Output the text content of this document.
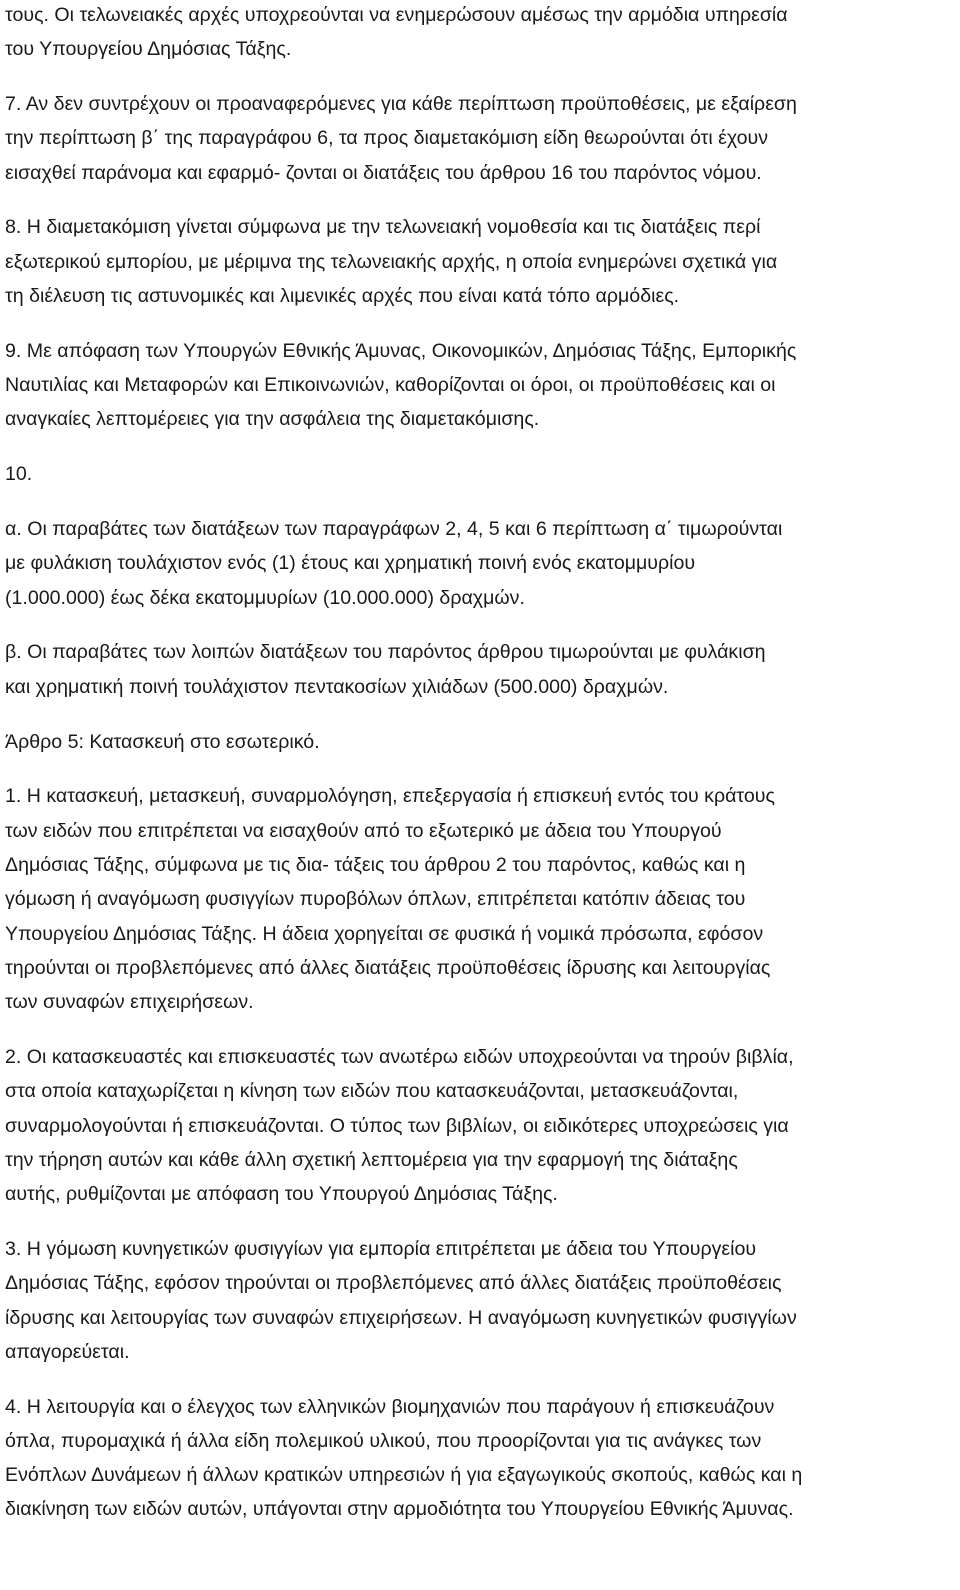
τους. Οι τελωνειακές αρχές υποχρεούνται να ενημερώσουν αμέσως την αρμόδια υπηρεσία
του Υπουργείου Δημόσιας Τάξης.

7. Αν δεν συντρέχουν οι προαναφερόμενες για κάθε περίπτωση προϋποθέσεις, με εξαίρεση
την περίπτωση β΄ της παραγράφου 6, τα προς διαμετακόμιση είδη θεωρούνται ότι έχουν
εισαχθεί παράνομα και εφαρμό- ζονται οι διατάξεις του άρθρου 16 του παρόντος νόμου.

8. Η διαμετακόμιση γίνεται σύμφωνα με την τελωνειακή νομοθεσία και τις διατάξεις περί
εξωτερικού εμπορίου, με μέριμνα της τελωνειακής αρχής, η οποία ενημερώνει σχετικά για
τη διέλευση τις αστυνομικές και λιμενικές αρχές που είναι κατά τόπο αρμόδιες.

9. Με απόφαση των Υπουργών Εθνικής Άμυνας, Οικονομικών, Δημόσιας Τάξης, Εμπορικής
Ναυτιλίας και Μεταφορών και Επικοινωνιών, καθορίζονται οι όροι, οι προϋποθέσεις και οι
αναγκαίες λεπτομέρειες για την ασφάλεια της διαμετακόμισης.

10.

α. Οι παραβάτες των διατάξεων των παραγράφων 2, 4, 5 και 6 περίπτωση α΄ τιμωρούνται
με φυλάκιση τουλάχιστον ενός (1) έτους και χρηματική ποινή ενός εκατομμυρίου
(1.000.000) έως δέκα εκατομμυρίων (10.000.000) δραχμών.

β. Οι παραβάτες των λοιπών διατάξεων του παρόντος άρθρου τιμωρούνται με φυλάκιση
και χρηματική ποινή τουλάχιστον πεντακοσίων χιλιάδων (500.000) δραχμών.

Άρθρο 5: Κατασκευή στο εσωτερικό.

1. Η κατασκευή, μετασκευή, συναρμολόγηση, επεξεργασία ή επισκευή εντός του κράτους
των ειδών που επιτρέπεται να εισαχθούν από το εξωτερικό με άδεια του Υπουργού
Δημόσιας Τάξης, σύμφωνα με τις δια- τάξεις του άρθρου 2 του παρόντος, καθώς και η
γόμωση ή αναγόμωση φυσιγγίων πυροβόλων όπλων, επιτρέπεται κατόπιν άδειας του
Υπουργείου Δημόσιας Τάξης. Η άδεια χορηγείται σε φυσικά ή νομικά πρόσωπα, εφόσον
τηρούνται οι προβλεπόμενες από άλλες διατάξεις προϋποθέσεις ίδρυσης και λειτουργίας
των συναφών επιχειρήσεων.

2. Οι κατασκευαστές και επισκευαστές των ανωτέρω ειδών υποχρεούνται να τηρούν βιβλία,
στα οποία καταχωρίζεται η κίνηση των ειδών που κατασκευάζονται, μετασκευάζονται,
συναρμολογούνται ή επισκευάζονται. Ο τύπος των βιβλίων, οι ειδικότερες υποχρεώσεις για
την τήρηση αυτών και κάθε άλλη σχετική λεπτομέρεια για την εφαρμογή της διάταξης
αυτής, ρυθμίζονται με απόφαση του Υπουργού Δημόσιας Τάξης.

3. Η γόμωση κυνηγετικών φυσιγγίων για εμπορία επιτρέπεται με άδεια του Υπουργείου
Δημόσιας Τάξης, εφόσον τηρούνται οι προβλεπόμενες από άλλες διατάξεις προϋποθέσεις
ίδρυσης και λειτουργίας των συναφών επιχειρήσεων. Η αναγόμωση κυνηγετικών φυσιγγίων
απαγορεύεται.

4. Η λειτουργία και ο έλεγχος των ελληνικών βιομηχανιών που παράγουν ή επισκευάζουν
όπλα, πυρομαχικά ή άλλα είδη πολεμικού υλικού, που προορίζονται για τις ανάγκες των
Ενόπλων Δυνάμεων ή άλλων κρατικών υπηρεσιών ή για εξαγωγικούς σκοπούς, καθώς και η
διακίνηση των ειδών αυτών, υπάγονται στην αρμοδιότητα του Υπουργείου Εθνικής Άμυνας.
